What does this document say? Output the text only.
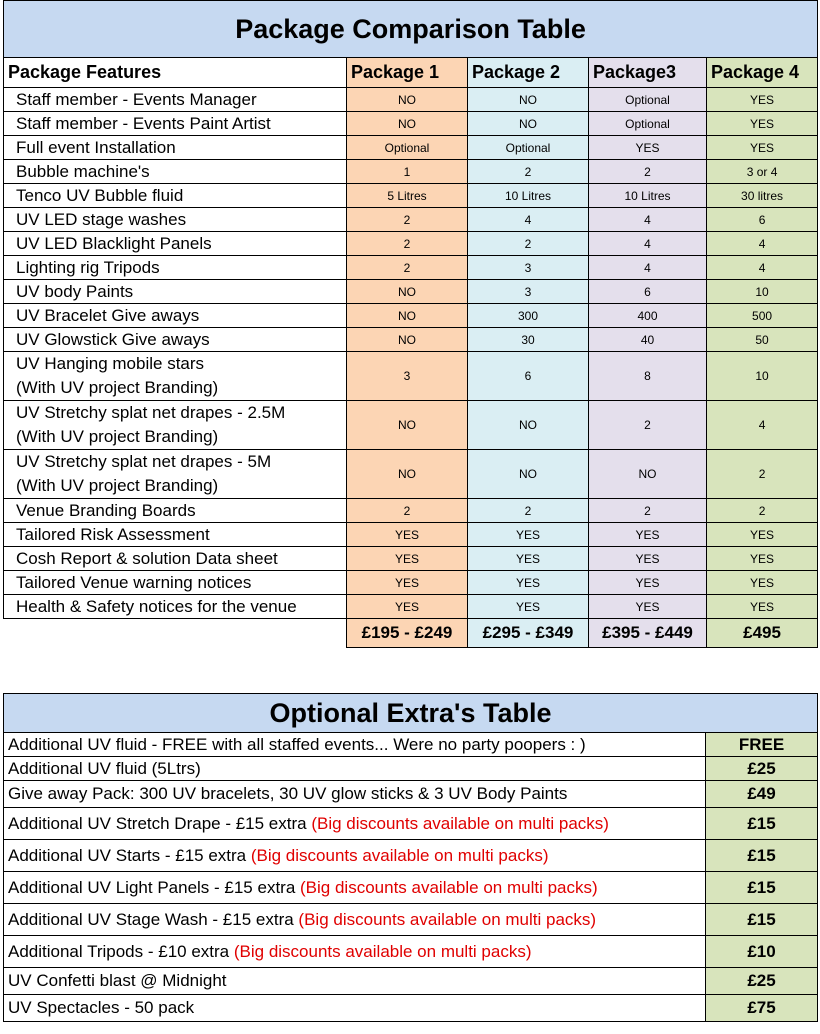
Package Comparison Table				
Package Features	Package 1	Package 2	Package3	Package 4

Staff member - Events Manager	NO	NO	Optional	YES

Staff member - Events Paint Artist	NO	NO	Optional	YES

Full event Installation	Optional	Optional	YES	YES

Bubble machine's	1	2	2	3 or 4

Tenco UV Bubble fluid	5 Litres	10 Litres	10 Litres	30 litres

UV LED stage washes	2	4	4	6

UV LED Blacklight Panels	2	2	4	4

Lighting rig Tripods	2	3	4	4

UV body Paints	NO	3	6	10

UV Bracelet Give aways	NO	300	400	500

UV Glowstick Give aways	NO	30	40	50

UV Hanging mobile stars
(With UV project Branding)	3	6	8	10

UV Stretchy splat net drapes - 2.5M
(With UV project Branding)	NO	NO	2	4

UV Stretchy splat net drapes - 5M
(With UV project Branding)	NO	NO	NO	2

Venue Branding Boards	2	2	2	2

Tailored Risk Assessment	YES	YES	YES	YES

Cosh Report & solution Data sheet	YES	YES	YES	YES

Tailored Venue warning notices	YES	YES	YES	YES

Health & Safety notices for the venue	YES	YES	YES	YES
	£195 - £249	£295 - £349	£395 - £449	£495
Optional Extra's Table	
Additional UV fluid - FREE with all staffed events... Were no party poopers : )	FREE
Additional UV fluid (5Ltrs)	£25
Give away Pack: 300 UV bracelets, 30 UV glow sticks & 3 UV Body Paints	£49
Additional UV Stretch Drape - £15 extra (Big discounts available on multi packs)	£15
Additional UV Starts - £15 extra (Big discounts available on multi packs)	£15
Additional UV Light Panels - £15 extra (Big discounts available on multi packs)	£15
Additional UV Stage Wash - £15 extra (Big discounts available on multi packs)	£15
Additional Tripods - £10 extra (Big discounts available on multi packs)	£10
UV Confetti blast @ Midnight	£25
UV Spectacles - 50 pack	£75
